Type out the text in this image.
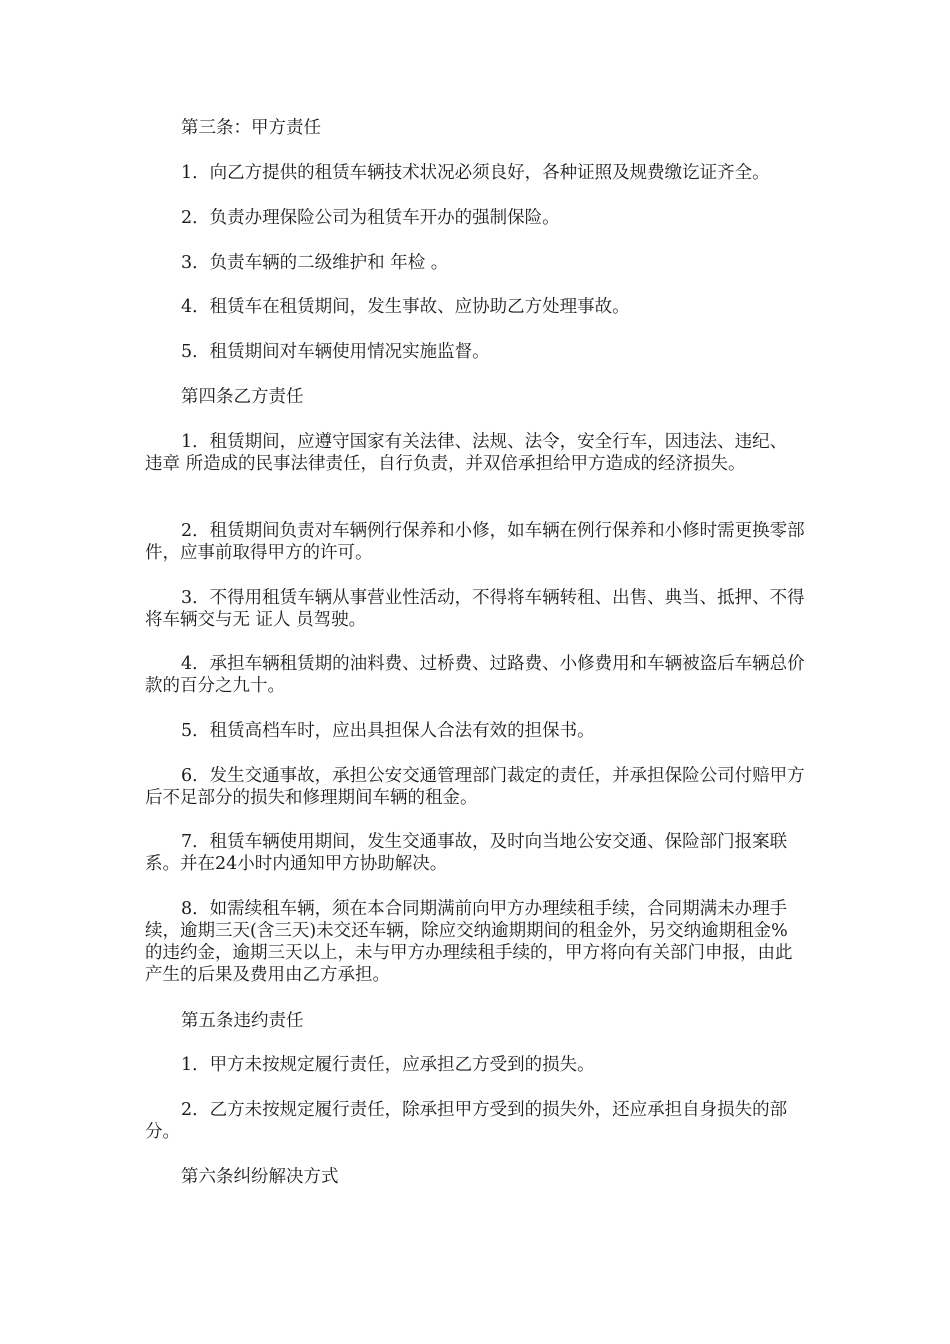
第三条：甲方责任

1．向乙方提供的租赁车辆技术状况必须良好，各种证照及规费缴讫证齐全。

2．负责办理保险公司为租赁车开办的强制保险。

3．负责车辆的二级维护和 年检 。

4．租赁车在租赁期间，发生事故、应协助乙方处理事故。

5．租赁期间对车辆使用情况实施监督。

第四条乙方责任

1．租赁期间，应遵守国家有关法律、法规、法令，安全行车，因违法、违纪、 违章 所造成的民事法律责任，自行负责，并双倍承担给甲方造成的经济损失。

2．租赁期间负责对车辆例行保养和小修，如车辆在例行保养和小修时需更换零部件，应事前取得甲方的许可。

3．不得用租赁车辆从事营业性活动，不得将车辆转租、出售、典当、抵押、不得将车辆交与无 证人 员驾驶。

4．承担车辆租赁期的油料费、过桥费、过路费、小修费用和车辆被盗后车辆总价款的百分之九十。

5．租赁高档车时，应出具担保人合法有效的担保书。

6．发生交通事故，承担公安交通管理部门裁定的责任，并承担保险公司付赔甲方后不足部分的损失和修理期间车辆的租金。

7．租赁车辆使用期间，发生交通事故，及时向当地公安交通、保险部门报案联系。并在24小时内通知甲方协助解决。

8．如需续租车辆，须在本合同期满前向甲方办理续租手续，合同期满未办理手续，逾期三天(含三天)未交还车辆，除应交纳逾期期间的租金外，另交纳逾期租金%的违约金，逾期三天以上，未与甲方办理续租手续的，甲方将向有关部门申报，由此产生的后果及费用由乙方承担。

第五条违约责任

1．甲方未按规定履行责任，应承担乙方受到的损失。

2．乙方未按规定履行责任，除承担甲方受到的损失外，还应承担自身损失的部分。

第六条纠纷解决方式
